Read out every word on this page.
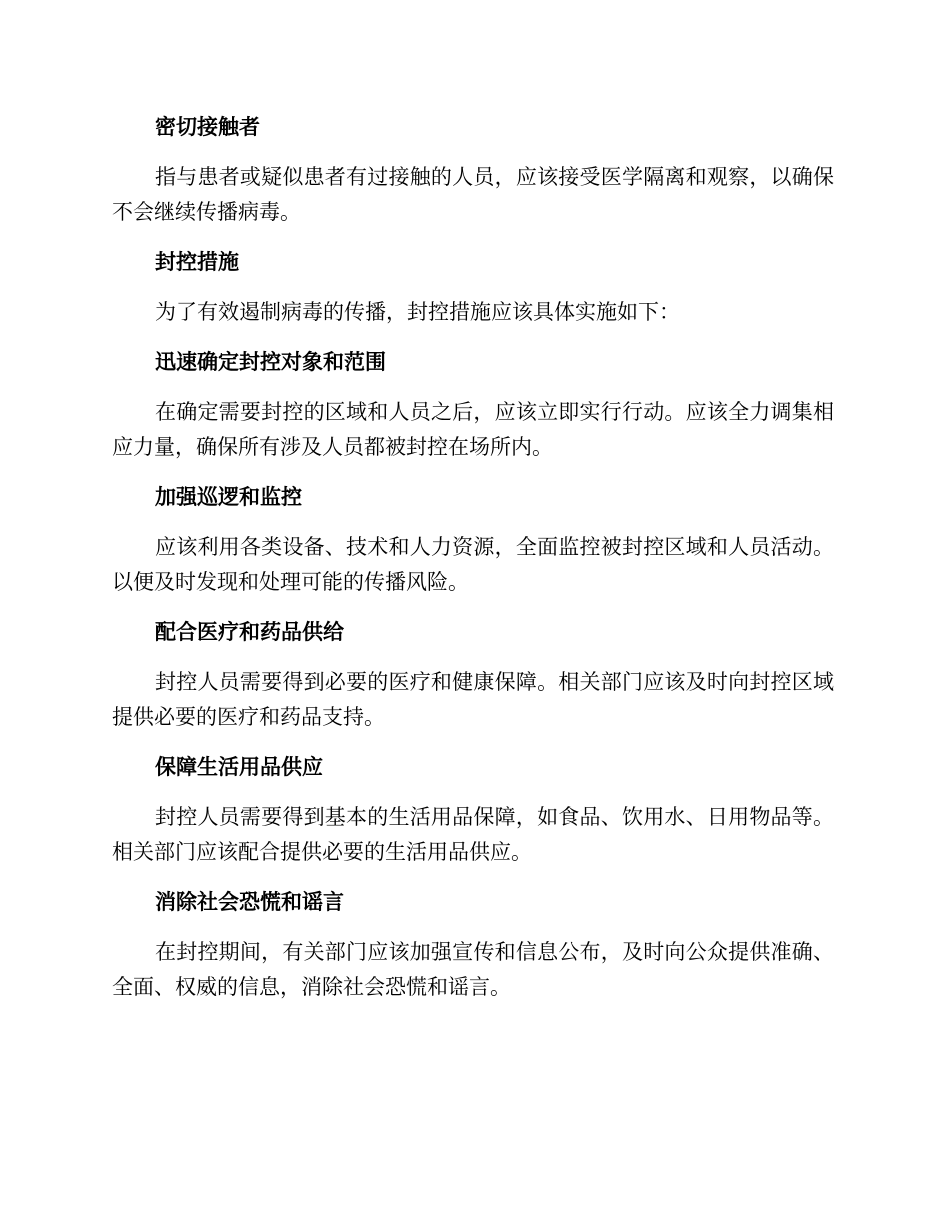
密切接触者

指与患者或疑似患者有过接触的人员，应该接受医学隔离和观察，以确保不会继续传播病毒。

封控措施

为了有效遏制病毒的传播，封控措施应该具体实施如下：

迅速确定封控对象和范围

在确定需要封控的区域和人员之后，应该立即实行行动。应该全力调集相应力量，确保所有涉及人员都被封控在场所内。

加强巡逻和监控

应该利用各类设备、技术和人力资源，全面监控被封控区域和人员活动。以便及时发现和处理可能的传播风险。

配合医疗和药品供给

封控人员需要得到必要的医疗和健康保障。相关部门应该及时向封控区域提供必要的医疗和药品支持。

保障生活用品供应

封控人员需要得到基本的生活用品保障，如食品、饮用水、日用物品等。相关部门应该配合提供必要的生活用品供应。

消除社会恐慌和谣言

在封控期间，有关部门应该加强宣传和信息公布，及时向公众提供准确、全面、权威的信息，消除社会恐慌和谣言。
